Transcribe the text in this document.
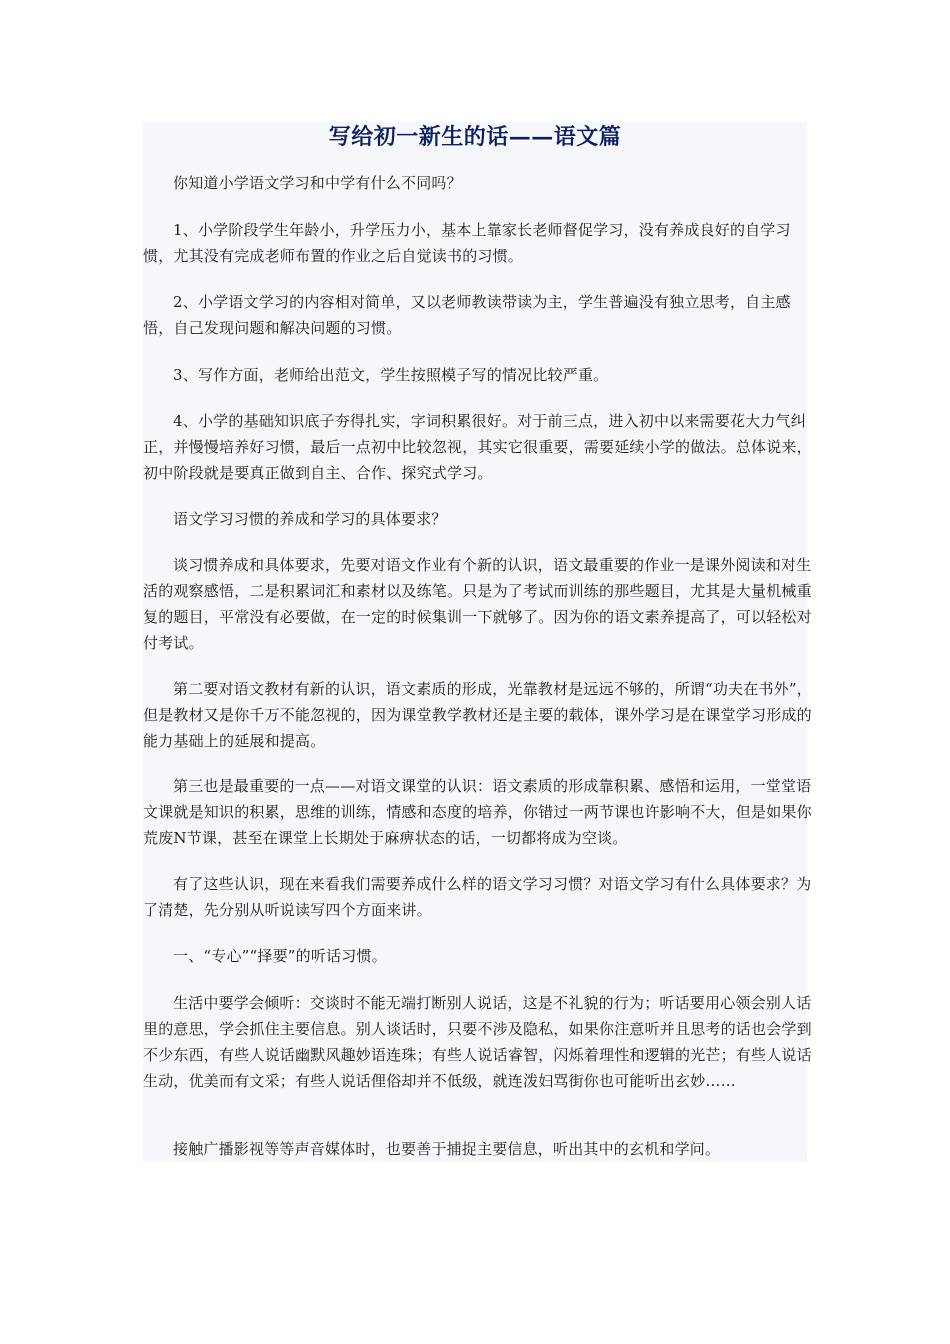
写给初一新生的话——语文篇

你知道小学语文学习和中学有什么不同吗？

1、小学阶段学生年龄小，升学压力小，基本上靠家长老师督促学习，没有养成良好的自学习惯，尤其没有完成老师布置的作业之后自觉读书的习惯。

2、小学语文学习的内容相对简单，又以老师教读带读为主，学生普遍没有独立思考，自主感悟，自己发现问题和解决问题的习惯。

3、写作方面，老师给出范文，学生按照模子写的情况比较严重。

4、小学的基础知识底子夯得扎实，字词积累很好。对于前三点，进入初中以来需要花大力气纠正，并慢慢培养好习惯，最后一点初中比较忽视，其实它很重要，需要延续小学的做法。总体说来，初中阶段就是要真正做到自主、合作、探究式学习。

语文学习习惯的养成和学习的具体要求？

谈习惯养成和具体要求，先要对语文作业有个新的认识，语文最重要的作业一是课外阅读和对生活的观察感悟，二是积累词汇和素材以及练笔。只是为了考试而训练的那些题目，尤其是大量机械重复的题目，平常没有必要做，在一定的时候集训一下就够了。因为你的语文素养提高了，可以轻松对付考试。

第二要对语文教材有新的认识，语文素质的形成，光靠教材是远远不够的，所谓“功夫在书外”，但是教材又是你千万不能忽视的，因为课堂教学教材还是主要的载体，课外学习是在课堂学习形成的能力基础上的延展和提高。

第三也是最重要的一点——对语文课堂的认识：语文素质的形成靠积累、感悟和运用，一堂堂语文课就是知识的积累，思维的训练，情感和态度的培养，你错过一两节课也许影响不大，但是如果你荒废N节课，甚至在课堂上长期处于麻痹状态的话，一切都将成为空谈。

有了这些认识，现在来看我们需要养成什么样的语文学习习惯？对语文学习有什么具体要求？为了清楚，先分别从听说读写四个方面来讲。

一、“专心”“择要”的听话习惯。

生活中要学会倾听：交谈时不能无端打断别人说话，这是不礼貌的行为；听话要用心领会别人话里的意思，学会抓住主要信息。别人谈话时，只要不涉及隐私，如果你注意听并且思考的话也会学到不少东西，有些人说话幽默风趣妙语连珠；有些人说话睿智，闪烁着理性和逻辑的光芒；有些人说话生动，优美而有文采；有些人说话俚俗却并不低级，就连泼妇骂街你也可能听出玄妙……

接触广播影视等等声音媒体时，也要善于捕捉主要信息，听出其中的玄机和学问。
